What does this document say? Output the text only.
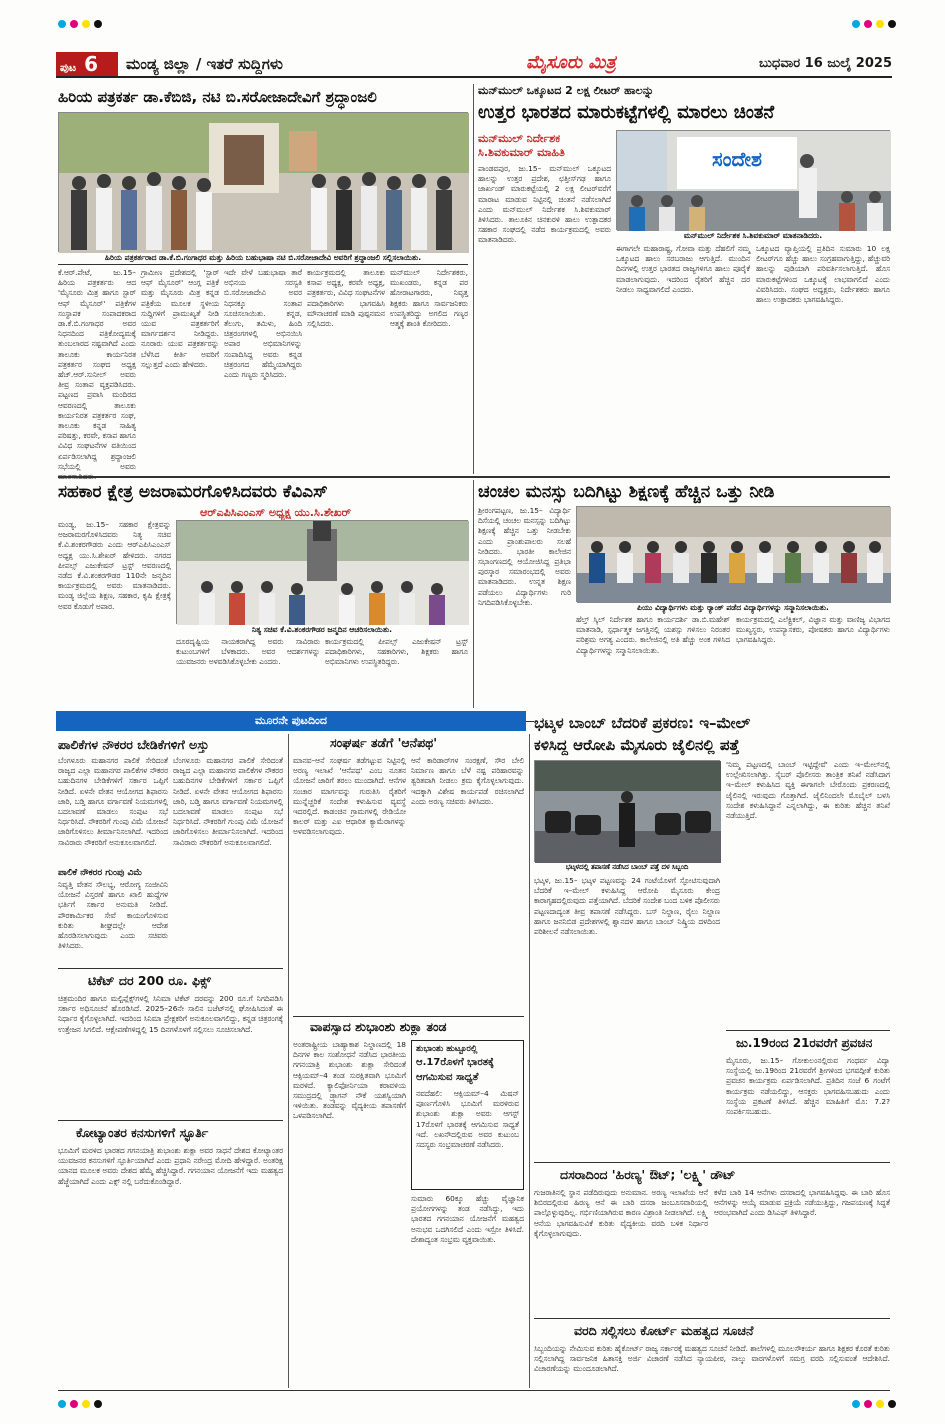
ಪುಟ 6	ಮಂಡ್ಯ ಜಿಲ್ಲಾ / ಇತರೆ ಸುದ್ದಿಗಳು	ಮೈಸೂರು ಮಿತ್ರ	ಬುಧವಾರ 16 ಜುಲೈ 2025
ಹಿರಿಯ ಪತ್ರಕರ್ತ ಡಾ.ಕೆಬಿಜಿ, ನಟಿ ಬಿ.ಸರೋಜಾದೇವಿಗೆ ಶ್ರದ್ಧಾಂಜಲಿ
ಹಿರಿಯ ಪತ್ರಕರ್ತರಾದ ಡಾ.ಕೆ.ಬಿ.ಗಂಗಾಧರ ಮತ್ತು ಹಿರಿಯ ಬಹುಭಾಷಾ ನಟಿ ಬಿ.ಸರೋಜಾದೇವಿ ಅವರಿಗೆ ಶ್ರದ್ಧಾಂಜಲಿ ಸಲ್ಲಿಸಲಾಯಿತು.
ಕೆ.ಆರ್.ಪೇಟೆ, ಜು.15– ಹಿರಿಯ ಪತ್ರಕರ್ತರು ಆದ 'ಮೈಸೂರು ಮಿತ್ರ ಹಾಗೂ ಸ್ಟಾರ್ ಆಫ್ ಮೈಸೂರ್' ಪತ್ರಿಕೆಗಳ ಸಂಸ್ಥಾಪಕ ಸಂಪಾದಕರಾದ ಡಾ.ಕೆ.ಬಿ.ಗಂಗಾಧರ ಅವರ ನಿಧನದಿಂದ ಪತ್ರಿಕೋದ್ಯಮಕ್ಕೆ ತುಂಬಲಾರದ ನಷ್ಟವಾಗಿದೆ ಎಂದು ತಾಲೂಕು ಕಾರ್ಯನಿರತ ಪತ್ರಕರ್ತರ ಸಂಘದ ಅಧ್ಯಕ್ಷ ಹೆಚ್.ಆರ್.ಸುನೀಲ್ ಅವರು ತೀವ್ರ ಸಂತಾಪ ವ್ಯಕ್ತಪಡಿಸಿದರು. ಪಟ್ಟಣದ ಪ್ರವಾಸಿ ಮಂದಿರದ ಆವರಣದಲ್ಲಿ ತಾಲೂಕು ಕಾರ್ಯನಿರತ ಪತ್ರಕರ್ತರ ಸಂಘ, ತಾಲೂಕು ಕನ್ನಡ ಸಾಹಿತ್ಯ ಪರಿಷತ್ತು, ಕರವೇ, ಕಸಾಪ ಹಾಗೂ ವಿವಿಧ ಸಂಘಟನೆಗಳ ವತಿಯಿಂದ ಏರ್ಪಡಿಸಲಾಗಿದ್ದ ಶ್ರದ್ಧಾಂಜಲಿ ಸಭೆಯಲ್ಲಿ ಅವರು
ಗ್ರಾಮೀಣ ಪ್ರದೇಶದಲ್ಲಿ 'ಸ್ಟಾರ್ ಆಫ್ ಮೈಸೂರ್' ಆಂಗ್ಲ ಪತ್ರಿಕೆ ಮತ್ತು ಮೈಸೂರು ಮಿತ್ರ ಕನ್ನಡ ಪತ್ರಿಕೆಯ ಮೂಲಕ ಸ್ಥಳೀಯ ಸುದ್ದಿಗಳಿಗೆ ಪ್ರಾಮುಖ್ಯತೆ ನೀಡಿ ಯುವ ಪತ್ರಕರ್ತರಿಗೆ ಮಾರ್ಗದರ್ಶನ ನೀಡಿದ್ದರು. ನೂರಾರು ಯುವ ಪತ್ರಕರ್ತರನ್ನು ಬೆಳೆಸಿದ ಕೀರ್ತಿ ಅವರಿಗೆ ಸಲ್ಲುತ್ತದೆ ಎಂದು ಹೇಳಿದರು.
ಇದೇ ವೇಳೆ ಬಹುಭಾಷಾ ತಾರೆ ಅಭಿನಯ ಸರಸ್ವತಿ ಬಿ.ಸರೋಜಾದೇವಿ ಅವರ ನಿಧನಕ್ಕೂ ಸಂತಾಪ ಸೂಚಿಸಲಾಯಿತು. ಕನ್ನಡ, ತೆಲುಗು, ತಮಿಳು, ಹಿಂದಿ ಚಿತ್ರರಂಗಗಳಲ್ಲಿ ಅಭಿನಯಿಸಿ ಅಪಾರ ಅಭಿಮಾನಿಗಳನ್ನು ಸಂಪಾದಿಸಿದ್ದ ಅವರು ಕನ್ನಡ ಚಿತ್ರರಂಗದ ಹೆಮ್ಮೆಯಾಗಿದ್ದರು ಎಂದು ಗಣ್ಯರು ಸ್ಮರಿಸಿದರು.
ಕಾರ್ಯಕ್ರಮದಲ್ಲಿ ತಾಲೂಕು ಕಸಾಪ ಅಧ್ಯಕ್ಷ, ಕರವೇ ಅಧ್ಯಕ್ಷ, ಪತ್ರಕರ್ತರು, ವಿವಿಧ ಸಂಘಟನೆಗಳ ಪದಾಧಿಕಾರಿಗಳು ಭಾಗವಹಿಸಿ ಮೌನಾಚರಣೆ ಮಾಡಿ ಪುಷ್ಪನಮನ ಸಲ್ಲಿಸಿದರು.
ಮನ್‌ಮುಲ್ ನಿರ್ದೇಶಕರು, ಮುಖಂಡರು, ಕನ್ನಡ ಪರ ಹೋರಾಟಗಾರರು, ನಿವೃತ್ತ ಶಿಕ್ಷಕರು ಹಾಗೂ ಸಾರ್ವಜನಿಕರು ಉಪಸ್ಥಿತರಿದ್ದು ಅಗಲಿದ ಗಣ್ಯರ ಆತ್ಮಕ್ಕೆ ಶಾಂತಿ ಕೋರಿದರು.
ಮನ್‌ಮುಲ್ ಒಕ್ಕೂಟದ 2 ಲಕ್ಷ ಲೀಟರ್ ಹಾಲನ್ನು
ಉತ್ತರ ಭಾರತದ ಮಾರುಕಟ್ಟೆಗಳಲ್ಲಿ ಮಾರಲು ಚಿಂತನೆ
ಮನ್‌ಮುಲ್ ನಿರ್ದೇಶಕ
ಸಿ.ಶಿವಕುಮಾರ್ ಮಾಹಿತಿ	ಸಂದೇಶ
ಮನ್‌ಮುಲ್ ನಿರ್ದೇಶಕ ಸಿ.ಶಿವಕುಮಾರ್ ಮಾತನಾಡಿದರು.
ಪಾಂಡವಪುರ, ಜು.15– ಮನ್‌ಮುಲ್ ಒಕ್ಕೂಟದ ಹಾಲನ್ನು ಉತ್ತರ ಪ್ರದೇಶ, ಛತ್ತೀಸ್‌ಗಢ ಹಾಗೂ ಜಾರ್ಖಂಡ್ ಮಾರುಕಟ್ಟೆಯಲ್ಲಿ 2 ಲಕ್ಷ ಲೀಟರ್‌ವರೆಗೆ ಮಾರಾಟ ಮಾಡುವ ನಿಟ್ಟಿನಲ್ಲಿ ಚಿಂತನೆ ನಡೆಸಲಾಗಿದೆ ಎಂದು ಮನ್‌ಮುಲ್ ನಿರ್ದೇಶಕ ಸಿ.ಶಿವಕುಮಾರ್ ತಿಳಿಸಿದರು. ತಾಲೂಕಿನ ಚಿನಕುರಳಿ ಹಾಲು ಉತ್ಪಾದಕರ ಸಹಕಾರ ಸಂಘದಲ್ಲಿ ನಡೆದ ಕಾರ್ಯಕ್ರಮದಲ್ಲಿ ಅವರು ಮಾತನಾಡಿದರು.
ಈಗಾಗಲೇ ಮಹಾರಾಷ್ಟ್ರ, ಗೋವಾ ಮತ್ತು ದೆಹಲಿಗೆ ನಮ್ಮ ಒಕ್ಕೂಟದ ಹಾಲು ಸರಬರಾಜು ಆಗುತ್ತಿದೆ. ಮುಂದಿನ ದಿನಗಳಲ್ಲಿ ಉತ್ತರ ಭಾರತದ ರಾಜ್ಯಗಳಿಗೂ ಹಾಲು ಪೂರೈಕೆ ಮಾಡಲಾಗುವುದು. ಇದರಿಂದ ರೈತರಿಗೆ ಹೆಚ್ಚಿನ ದರ ನೀಡಲು ಸಾಧ್ಯವಾಗಲಿದೆ ಎಂದರು.
ಒಕ್ಕೂಟದ ವ್ಯಾಪ್ತಿಯಲ್ಲಿ ಪ್ರತಿದಿನ ಸುಮಾರು 10 ಲಕ್ಷ ಲೀಟರ್‌ಗೂ ಹೆಚ್ಚು ಹಾಲು ಸಂಗ್ರಹವಾಗುತ್ತಿದ್ದು, ಹೆಚ್ಚುವರಿ ಹಾಲನ್ನು ಪುಡಿಯಾಗಿ ಪರಿವರ್ತಿಸಲಾಗುತ್ತಿದೆ. ಹೊಸ ಮಾರುಕಟ್ಟೆಗಳಿಂದ ಒಕ್ಕೂಟಕ್ಕೆ ಲಾಭವಾಗಲಿದೆ ಎಂದು ವಿವರಿಸಿದರು. ಸಂಘದ ಅಧ್ಯಕ್ಷರು, ನಿರ್ದೇಶಕರು ಹಾಗೂ ಹಾಲು ಉತ್ಪಾದಕರು ಭಾಗವಹಿಸಿದ್ದರು.
ಸಹಕಾರ ಕ್ಷೇತ್ರ ಅಜರಾಮರಗೊಳಿಸಿದವರು ಕೆವಿಎಸ್
ಆರ್‌ಎಪಿಸಿಎಂಎಸ್ ಅಧ್ಯಕ್ಷ ಯು.ಸಿ.ಶೇಖರ್
ನಿತ್ಯ ಸಚಿವ ಕೆ.ವಿ.ಶಂಕರಗೌಡರ ಜನ್ಮದಿನ ಆಚರಿಸಲಾಯಿತು.
ಮಂಡ್ಯ, ಜು.15– ಸಹಕಾರ ಕ್ಷೇತ್ರವನ್ನು ಅಜರಾಮರಗೊಳಿಸಿದವರು ನಿತ್ಯ ಸಚಿವ ಕೆ.ವಿ.ಶಂಕರಗೌಡರು ಎಂದು ಆರ್‌ಎಪಿಸಿಎಂಎಸ್ ಅಧ್ಯಕ್ಷ ಯು.ಸಿ.ಶೇಖರ್ ಹೇಳಿದರು. ನಗರದ ಪೀಪಲ್ಸ್ ಎಜುಕೇಷನ್ ಟ್ರಸ್ಟ್ ಆವರಣದಲ್ಲಿ ನಡೆದ ಕೆ.ವಿ.ಶಂಕರಗೌಡರ 110ನೇ ಜನ್ಮದಿನ ಕಾರ್ಯಕ್ರಮದಲ್ಲಿ ಅವರು ಮಾತನಾಡಿದರು. ಮಂಡ್ಯ ಜಿಲ್ಲೆಯ ಶಿಕ್ಷಣ, ಸಹಕಾರ, ಕೃಷಿ ಕ್ಷೇತ್ರಕ್ಕೆ ಅವರ ಕೊಡುಗೆ ಅಪಾರ.
ದೂರದೃಷ್ಟಿಯ ನಾಯಕರಾಗಿದ್ದ ಅವರು ಸಾವಿರಾರು ಕುಟುಂಬಗಳಿಗೆ ಬೆಳಕಾದರು. ಅವರ ಆದರ್ಶಗಳನ್ನು ಯುವಜನರು ಅಳವಡಿಸಿಕೊಳ್ಳಬೇಕು ಎಂದರು.
ಕಾರ್ಯಕ್ರಮದಲ್ಲಿ ಪೀಪಲ್ಸ್ ಎಜುಕೇಷನ್ ಟ್ರಸ್ಟ್ ಪದಾಧಿಕಾರಿಗಳು, ಸಹಕಾರಿಗಳು, ಶಿಕ್ಷಕರು ಹಾಗೂ ಅಭಿಮಾನಿಗಳು ಉಪಸ್ಥಿತರಿದ್ದರು.
ಚಂಚಲ ಮನಸ್ಸು ಬದಿಗಿಟ್ಟು ಶಿಕ್ಷಣಕ್ಕೆ ಹೆಚ್ಚಿನ ಒತ್ತು ನೀಡಿ
ಪಿಯು ವಿದ್ಯಾರ್ಥಿಗಳು ಮತ್ತು ರ‍್ಯಾಂಕ್ ಪಡೆದ ವಿದ್ಯಾರ್ಥಿಗಳನ್ನು ಸನ್ಮಾನಿಸಲಾಯಿತು.
ಶ್ರೀರಂಗಪಟ್ಟಣ, ಜು.15– ವಿದ್ಯಾರ್ಥಿ ದಿಸೆಯಲ್ಲಿ ಚಂಚಲ ಮನಸ್ಸನ್ನು ಬದಿಗಿಟ್ಟು ಶಿಕ್ಷಣಕ್ಕೆ ಹೆಚ್ಚಿನ ಒತ್ತು ನೀಡಬೇಕು ಎಂದು ಪ್ರಾಂಶುಪಾಲರು ಸಲಹೆ ನೀಡಿದರು. ಭಾರತೀ ಕಾಲೇಜಿನ ಸಭಾಂಗಣದಲ್ಲಿ ಆಯೋಜಿಸಿದ್ದ ಪ್ರತಿಭಾ ಪುರಸ್ಕಾರ ಸಮಾರಂಭದಲ್ಲಿ ಅವರು ಮಾತನಾಡಿದರು. ಉನ್ನತ ಶಿಕ್ಷಣ ಪಡೆಯಲು ವಿದ್ಯಾರ್ಥಿಗಳು ಗುರಿ ನಿಗದಿಪಡಿಸಿಕೊಳ್ಳಬೇಕು.
ಹೆಲ್ತ್ ಸ್ಕಿಲ್ ನಿರ್ದೇಶಕ ಹಾಗೂ ಕಾರ್ಯದರ್ಶಿ ಡಾ.ಬಿ.ಮಹೇಶ್ ಮಾತನಾಡಿ, ಸ್ಪರ್ಧಾತ್ಮಕ ಜಗತ್ತಿನಲ್ಲಿ ಯಶಸ್ಸು ಗಳಿಸಲು ನಿರಂತರ ಪರಿಶ್ರಮ ಅಗತ್ಯ ಎಂದರು. ಕಾಲೇಜಿನಲ್ಲಿ ಅತಿ ಹೆಚ್ಚು ಅಂಕ ಗಳಿಸಿದ ವಿದ್ಯಾರ್ಥಿಗಳನ್ನು ಸನ್ಮಾನಿಸಲಾಯಿತು.
ಕಾರ್ಯಕ್ರಮದಲ್ಲಿ ಎಲೆಕ್ಟ್ರಿಕಲ್, ವಿಜ್ಞಾನ ಮತ್ತು ವಾಣಿಜ್ಯ ವಿಭಾಗದ ಮುಖ್ಯಸ್ಥರು, ಉಪನ್ಯಾಸಕರು, ಪೋಷಕರು ಹಾಗೂ ವಿದ್ಯಾರ್ಥಿಗಳು ಭಾಗವಹಿಸಿದ್ದರು.
ಮೂರನೇ ಪುಟದಿಂದ
ಪಾಲಿಕೆಗಳ ನೌಕರರ ಬೇಡಿಕೆಗಳಿಗೆ ಅಸ್ತು
ಬೆಂಗಳೂರು ಮಹಾನಗರ ಪಾಲಿಕೆ ಸೇರಿದಂತೆ ರಾಜ್ಯದ ಎಲ್ಲಾ ಮಹಾನಗರ ಪಾಲಿಕೆಗಳ ನೌಕರರ ಬಹುದಿನಗಳ ಬೇಡಿಕೆಗಳಿಗೆ ಸರ್ಕಾರ ಒಪ್ಪಿಗೆ ನೀಡಿದೆ. ಏಳನೇ ವೇತನ ಆಯೋಗದ ಶಿಫಾರಸು ಜಾರಿ, ಬಡ್ತಿ ಹಾಗೂ ವರ್ಗಾವಣೆ ನಿಯಮಗಳಲ್ಲಿ ಬದಲಾವಣೆ ಮಾಡಲು ಸಂಪುಟ ಸಭೆ ನಿರ್ಧರಿಸಿದೆ. ನೌಕರರಿಗೆ ಗುಂಪು ವಿಮೆ ಯೋಜನೆ ಜಾರಿಗೊಳಿಸಲು ತೀರ್ಮಾನಿಸಲಾಗಿದೆ. ಇದರಿಂದ ಸಾವಿರಾರು ನೌಕರರಿಗೆ ಅನುಕೂಲವಾಗಲಿದೆ.
ಪಾಲಿಕೆ ನೌಕರರ ಗುಂಪು ವಿಮೆ
ನಿವೃತ್ತಿ ವೇತನ ಸೌಲಭ್ಯ, ಆರೋಗ್ಯ ಸಂಜೀವಿನಿ ಯೋಜನೆ ವಿಸ್ತರಣೆ ಹಾಗೂ ಖಾಲಿ ಹುದ್ದೆಗಳ ಭರ್ತಿಗೆ ಸರ್ಕಾರ ಅನುಮತಿ ನೀಡಿದೆ. ಪೌರಕಾರ್ಮಿಕರ ಸೇವೆ ಕಾಯಂಗೊಳಿಸುವ ಕುರಿತು ಶೀಘ್ರದಲ್ಲೇ ಆದೇಶ ಹೊರಡಿಸಲಾಗುವುದು ಎಂದು ಸಚಿವರು ತಿಳಿಸಿದರು.
ಬೆಂಗಳೂರು ಮಹಾನಗರ ಪಾಲಿಕೆ ಸೇರಿದಂತೆ ರಾಜ್ಯದ ಎಲ್ಲಾ ಮಹಾನಗರ ಪಾಲಿಕೆಗಳ ನೌಕರರ ಬಹುದಿನಗಳ ಬೇಡಿಕೆಗಳಿಗೆ ಸರ್ಕಾರ ಒಪ್ಪಿಗೆ ನೀಡಿದೆ. ಏಳನೇ ವೇತನ ಆಯೋಗದ ಶಿಫಾರಸು ಜಾರಿ, ಬಡ್ತಿ ಹಾಗೂ ವರ್ಗಾವಣೆ ನಿಯಮಗಳಲ್ಲಿ ಬದಲಾವಣೆ ಮಾಡಲು ಸಂಪುಟ ಸಭೆ ನಿರ್ಧರಿಸಿದೆ. ನೌಕರರಿಗೆ ಗುಂಪು ವಿಮೆ ಯೋಜನೆ ಜಾರಿಗೊಳಿಸಲು ತೀರ್ಮಾನಿಸಲಾಗಿದೆ. ಇದರಿಂದ ಸಾವಿರಾರು ನೌಕರರಿಗೆ ಅನುಕೂಲವಾಗಲಿದೆ.
ಟಿಕೆಟ್ ದರ 200 ರೂ. ಫಿಕ್ಸ್
ಚಿತ್ರಮಂದಿರ ಹಾಗೂ ಮಲ್ಟಿಪ್ಲೆಕ್ಸ್‌ಗಳಲ್ಲಿ ಸಿನಿಮಾ ಟಿಕೆಟ್ ದರವನ್ನು 200 ರೂ.ಗೆ ನಿಗದಿಪಡಿಸಿ ಸರ್ಕಾರ ಅಧಿಸೂಚನೆ ಹೊರಡಿಸಿದೆ. 2025–26ನೇ ಸಾಲಿನ ಬಜೆಟ್‌ನಲ್ಲಿ ಘೋಷಿಸಿದಂತೆ ಈ ನಿರ್ಧಾರ ಕೈಗೊಳ್ಳಲಾಗಿದೆ. ಇದರಿಂದ ಸಿನಿಮಾ ಪ್ರೇಕ್ಷಕರಿಗೆ ಅನುಕೂಲವಾಗಲಿದ್ದು, ಕನ್ನಡ ಚಿತ್ರರಂಗಕ್ಕೆ ಉತ್ತೇಜನ ಸಿಗಲಿದೆ. ಆಕ್ಷೇಪಣೆಗಳಿದ್ದಲ್ಲಿ 15 ದಿನಗಳೊಳಗೆ ಸಲ್ಲಿಸಲು ಸೂಚಿಸಲಾಗಿದೆ.
ಕೋಟ್ಯಾಂತರ ಕನಸುಗಳಿಗೆ ಸ್ಫೂರ್ತಿ
ಭೂಮಿಗೆ ಮರಳಿದ ಭಾರತದ ಗಗನಯಾತ್ರಿ ಶುಭಾಂಶು ಶುಕ್ಲಾ ಅವರ ಸಾಧನೆ ದೇಶದ ಕೋಟ್ಯಾಂತರ ಯುವಜನರ ಕನಸುಗಳಿಗೆ ಸ್ಫೂರ್ತಿಯಾಗಿದೆ ಎಂದು ಪ್ರಧಾನಿ ನರೇಂದ್ರ ಮೋದಿ ಹೇಳಿದ್ದಾರೆ. ಅಂತರಿಕ್ಷ ಯಾನದ ಮೂಲಕ ಅವರು ದೇಶದ ಹೆಮ್ಮೆ ಹೆಚ್ಚಿಸಿದ್ದಾರೆ. ಗಗನಯಾನ ಯೋಜನೆಗೆ ಇದು ಮಹತ್ವದ ಹೆಜ್ಜೆಯಾಗಿದೆ ಎಂದು ಎಕ್ಸ್ ನಲ್ಲಿ ಬರೆದುಕೊಂಡಿದ್ದಾರೆ.
ಸಂಘರ್ಷ ತಡೆಗೆ 'ಆನೆಪಥ'
ಮಾನವ–ಆನೆ ಸಂಘರ್ಷ ತಡೆಗಟ್ಟುವ ನಿಟ್ಟಿನಲ್ಲಿ ಅರಣ್ಯ ಇಲಾಖೆ 'ಆನೆಪಥ' ಎಂಬ ನೂತನ ಯೋಜನೆ ಜಾರಿಗೆ ತರಲು ಮುಂದಾಗಿದೆ. ಆನೆಗಳ ಸಂಚಾರ ಮಾರ್ಗವನ್ನು ಗುರುತಿಸಿ ರೈತರಿಗೆ ಮುನ್ನೆಚ್ಚರಿಕೆ ಸಂದೇಶ ಕಳುಹಿಸುವ ವ್ಯವಸ್ಥೆ ಇದರಲ್ಲಿದೆ. ಕಾಡಂಚಿನ ಗ್ರಾಮಗಳಲ್ಲಿ ರೇಡಿಯೋ ಕಾಲರ್ ಮತ್ತು ಎಐ ಆಧಾರಿತ ಕ್ಯಾಮೆರಾಗಳನ್ನು ಅಳವಡಿಸಲಾಗುವುದು.
ಆನೆ ಕಾರಿಡಾರ್‌ಗಳ ಸಂರಕ್ಷಣೆ, ಸೌರ ಬೇಲಿ ನಿರ್ಮಾಣ ಹಾಗೂ ಬೆಳೆ ನಷ್ಟ ಪರಿಹಾರವನ್ನು ತ್ವರಿತವಾಗಿ ನೀಡಲು ಕ್ರಮ ಕೈಗೊಳ್ಳಲಾಗುವುದು. ಇದಕ್ಕಾಗಿ ವಿಶೇಷ ಕಾರ್ಯಪಡೆ ರಚಿಸಲಾಗಿದೆ ಎಂದು ಅರಣ್ಯ ಸಚಿವರು ತಿಳಿಸಿದರು.
ವಾಪಸ್ಸಾದ ಶುಭಾಂಶು ಶುಕ್ಲಾ ತಂಡ
ಅಂತರಾಷ್ಟ್ರೀಯ ಬಾಹ್ಯಾಕಾಶ ನಿಲ್ದಾಣದಲ್ಲಿ 18 ದಿನಗಳ ಕಾಲ ಸಂಶೋಧನೆ ನಡೆಸಿದ ಭಾರತೀಯ ಗಗನಯಾತ್ರಿ ಶುಭಾಂಶು ಶುಕ್ಲಾ ಸೇರಿದಂತೆ ಆಕ್ಸಿಯಮ್–4 ತಂಡ ಸುರಕ್ಷಿತವಾಗಿ ಭೂಮಿಗೆ ಮರಳಿದೆ. ಕ್ಯಾಲಿಫೋರ್ನಿಯಾ ಕರಾವಳಿಯ ಸಮುದ್ರದಲ್ಲಿ ಡ್ರ್ಯಾಗನ್ ನೌಕೆ ಯಶಸ್ವಿಯಾಗಿ ಇಳಿಯಿತು. ತಂಡವನ್ನು ವೈದ್ಯಕೀಯ ತಪಾಸಣೆಗೆ ಒಳಪಡಿಸಲಾಗಿದೆ.
ಶುಭಾಂಶು ಹುಟ್ಟೂರಲ್ಲಿ
ಆ.17ರೊಳಗೆ ಭಾರತಕ್ಕೆ
ಆಗಮಿಸುವ ಸಾಧ್ಯತೆ
ನವದೆಹಲಿ: ಆಕ್ಸಿಯಮ್–4 ಮಿಷನ್ ಪೂರ್ಣಗೊಳಿಸಿ ಭೂಮಿಗೆ ಮರಳಿರುವ ಶುಭಾಂಶು ಶುಕ್ಲಾ ಅವರು ಆಗಸ್ಟ್ 17ರೊಳಗೆ ಭಾರತಕ್ಕೆ ಆಗಮಿಸುವ ಸಾಧ್ಯತೆ ಇದೆ. ಲಖನೌದಲ್ಲಿರುವ ಅವರ ಕುಟುಂಬ ಸದಸ್ಯರು ಸಂಭ್ರಮಾಚರಣೆ ನಡೆಸಿದರು.
ಸುಮಾರು 60ಕ್ಕೂ ಹೆಚ್ಚು ವೈಜ್ಞಾನಿಕ ಪ್ರಯೋಗಗಳನ್ನು ತಂಡ ನಡೆಸಿದ್ದು, ಇದು ಭಾರತದ ಗಗನಯಾನ ಯೋಜನೆಗೆ ಮಹತ್ವದ ಅನುಭವ ಒದಗಿಸಲಿದೆ ಎಂದು ಇಸ್ರೋ ತಿಳಿಸಿದೆ. ದೇಶಾದ್ಯಂತ ಸಂಭ್ರಮ ವ್ಯಕ್ತವಾಯಿತು.
ಭಟ್ಕಳ ಬಾಂಬ್ ಬೆದರಿಕೆ ಪ್ರಕರಣ: ಇ–ಮೇಲ್
ಕಳಿಸಿದ್ದ ಆರೋಪಿ ಮೈಸೂರು ಜೈಲಿನಲ್ಲಿ ಪತ್ತೆ
ಭಟ್ಕಳದಲ್ಲಿ ತಪಾಸಣೆ ನಡೆಸಿದ ಬಾಂಬ್ ಪತ್ತೆ ದಳ ಸಿಬ್ಬಂದಿ
ಭಟ್ಕಳ, ಜು.15– ಭಟ್ಕಳ ಪಟ್ಟಣವನ್ನು 24 ಗಂಟೆಯೊಳಗೆ ಸ್ಫೋಟಿಸುವುದಾಗಿ ಬೆದರಿಕೆ ಇ–ಮೇಲ್ ಕಳುಹಿಸಿದ್ದ ಆರೋಪಿ ಮೈಸೂರು ಕೇಂದ್ರ ಕಾರಾಗೃಹದಲ್ಲಿರುವುದು ಪತ್ತೆಯಾಗಿದೆ. ಬೆದರಿಕೆ ಸಂದೇಶ ಬಂದ ಬಳಿಕ ಪೊಲೀಸರು ಪಟ್ಟಣದಾದ್ಯಂತ ತೀವ್ರ ತಪಾಸಣೆ ನಡೆಸಿದ್ದರು. ಬಸ್ ನಿಲ್ದಾಣ, ರೈಲು ನಿಲ್ದಾಣ ಹಾಗೂ ಜನನಿಬಿಡ ಪ್ರದೇಶಗಳಲ್ಲಿ ಶ್ವಾನದಳ ಹಾಗೂ ಬಾಂಬ್ ನಿಷ್ಕ್ರಿಯ ದಳದಿಂದ ಪರಿಶೀಲನೆ ನಡೆಸಲಾಯಿತು.
'ನಿಮ್ಮ ಪಟ್ಟಣದಲ್ಲಿ ಬಾಂಬ್ ಇಟ್ಟಿದ್ದೇವೆ' ಎಂದು ಇ–ಮೇಲ್‌ನಲ್ಲಿ ಉಲ್ಲೇಖಿಸಲಾಗಿತ್ತು. ಸೈಬರ್ ಪೊಲೀಸರು ತಾಂತ್ರಿಕ ತನಿಖೆ ನಡೆಸಿದಾಗ ಇ–ಮೇಲ್ ಕಳುಹಿಸಿದ ವ್ಯಕ್ತಿ ಈಗಾಗಲೇ ಬೇರೊಂದು ಪ್ರಕರಣದಲ್ಲಿ ಜೈಲಿನಲ್ಲಿ ಇರುವುದು ಗೊತ್ತಾಗಿದೆ. ಜೈಲಿನಿಂದಲೇ ಮೊಬೈಲ್ ಬಳಸಿ ಸಂದೇಶ ಕಳುಹಿಸಿದ್ದಾನೆ ಎನ್ನಲಾಗಿದ್ದು, ಈ ಕುರಿತು ಹೆಚ್ಚಿನ ತನಿಖೆ ನಡೆಯುತ್ತಿದೆ.
ಜು.19ರಂದ 21ರವರೆಗೆ ಪ್ರವಚನ
ಮೈಸೂರು, ಜು.15– ಗೋಕುಲಂನಲ್ಲಿರುವ ಗಂಧರ್ವ ವಿದ್ಯಾ ಸಂಸ್ಥೆಯಲ್ಲಿ ಜು.19ರಿಂದ 21ರವರೆಗೆ ಶ್ರೀಗಳಿಂದ ಭಗವದ್ಗೀತೆ ಕುರಿತು ಪ್ರವಚನ ಕಾರ್ಯಕ್ರಮ ಏರ್ಪಡಿಸಲಾಗಿದೆ. ಪ್ರತಿದಿನ ಸಂಜೆ 6 ಗಂಟೆಗೆ ಕಾರ್ಯಕ್ರಮ ನಡೆಯಲಿದ್ದು, ಆಸಕ್ತರು ಭಾಗವಹಿಸಬಹುದು ಎಂದು ಸಂಸ್ಥೆಯ ಪ್ರಕಟಣೆ ತಿಳಿಸಿದೆ. ಹೆಚ್ಚಿನ ಮಾಹಿತಿಗೆ ಮೊ: 7.2? ಸಂಪರ್ಕಿಸಬಹುದು.
ದಸರಾದಿಂದ 'ಹಿರಣ್ಯ' ಔಟ್; 'ಲಕ್ಷ್ಮಿ' ಡೌಟ್
ಗುಜರಾತಿನಲ್ಲಿ ಸ್ಥಾನ ಪಡೆದಿರುವುದು ಅನುಮಾನ. ಅರಣ್ಯ ಇಲಾಖೆಯ ಆನೆ ಶಿಬಿರದಲ್ಲಿರುವ ಹಿರಣ್ಯ ಆನೆ ಈ ಬಾರಿ ದಸರಾ ಜಂಬೂಸವಾರಿಯಲ್ಲಿ ಪಾಲ್ಗೊಳ್ಳುವುದಿಲ್ಲ. ಗರ್ಭಿಣಿಯಾಗಿರುವ ಕಾರಣ ವಿಶ್ರಾಂತಿ ನೀಡಲಾಗಿದೆ. ಲಕ್ಷ್ಮಿ ಆನೆಯ ಭಾಗವಹಿಸುವಿಕೆ ಕುರಿತು ವೈದ್ಯಕೀಯ ವರದಿ ಬಳಿಕ ನಿರ್ಧಾರ ಕೈಗೊಳ್ಳಲಾಗುವುದು.
ಕಳೆದ ಬಾರಿ 14 ಆನೆಗಳು ದಸರಾದಲ್ಲಿ ಭಾಗವಹಿಸಿದ್ದವು. ಈ ಬಾರಿ ಹೊಸ ಆನೆಗಳನ್ನು ಆಯ್ಕೆ ಮಾಡುವ ಪ್ರಕ್ರಿಯೆ ನಡೆಯುತ್ತಿದ್ದು, ಗಜಪಯಣಕ್ಕೆ ಸಿದ್ಧತೆ ಆರಂಭವಾಗಿದೆ ಎಂದು ಡಿಸಿಎಫ್ ತಿಳಿಸಿದ್ದಾರೆ.
ವರದಿ ಸಲ್ಲಿಸಲು ಕೋರ್ಟ್ ಮಹತ್ವದ ಸೂಚನೆ
ಸಿಬ್ಬಂದಿಯನ್ನು ನೇಮಿಸುವ ಕುರಿತು ಹೈಕೋರ್ಟ್ ರಾಜ್ಯ ಸರ್ಕಾರಕ್ಕೆ ಮಹತ್ವದ ಸೂಚನೆ ನೀಡಿದೆ. ಶಾಲೆಗಳಲ್ಲಿ ಮೂಲಸೌಕರ್ಯ ಹಾಗೂ ಶಿಕ್ಷಕರ ಕೊರತೆ ಕುರಿತು ಸಲ್ಲಿಸಲಾಗಿದ್ದ ಸಾರ್ವಜನಿಕ ಹಿತಾಸಕ್ತಿ ಅರ್ಜಿ ವಿಚಾರಣೆ ನಡೆಸಿದ ನ್ಯಾಯಪೀಠ, ನಾಲ್ಕು ವಾರಗಳೊಳಗೆ ಸಮಗ್ರ ವರದಿ ಸಲ್ಲಿಸುವಂತೆ ಆದೇಶಿಸಿದೆ. ವಿಚಾರಣೆಯನ್ನು ಮುಂದೂಡಲಾಗಿದೆ.
